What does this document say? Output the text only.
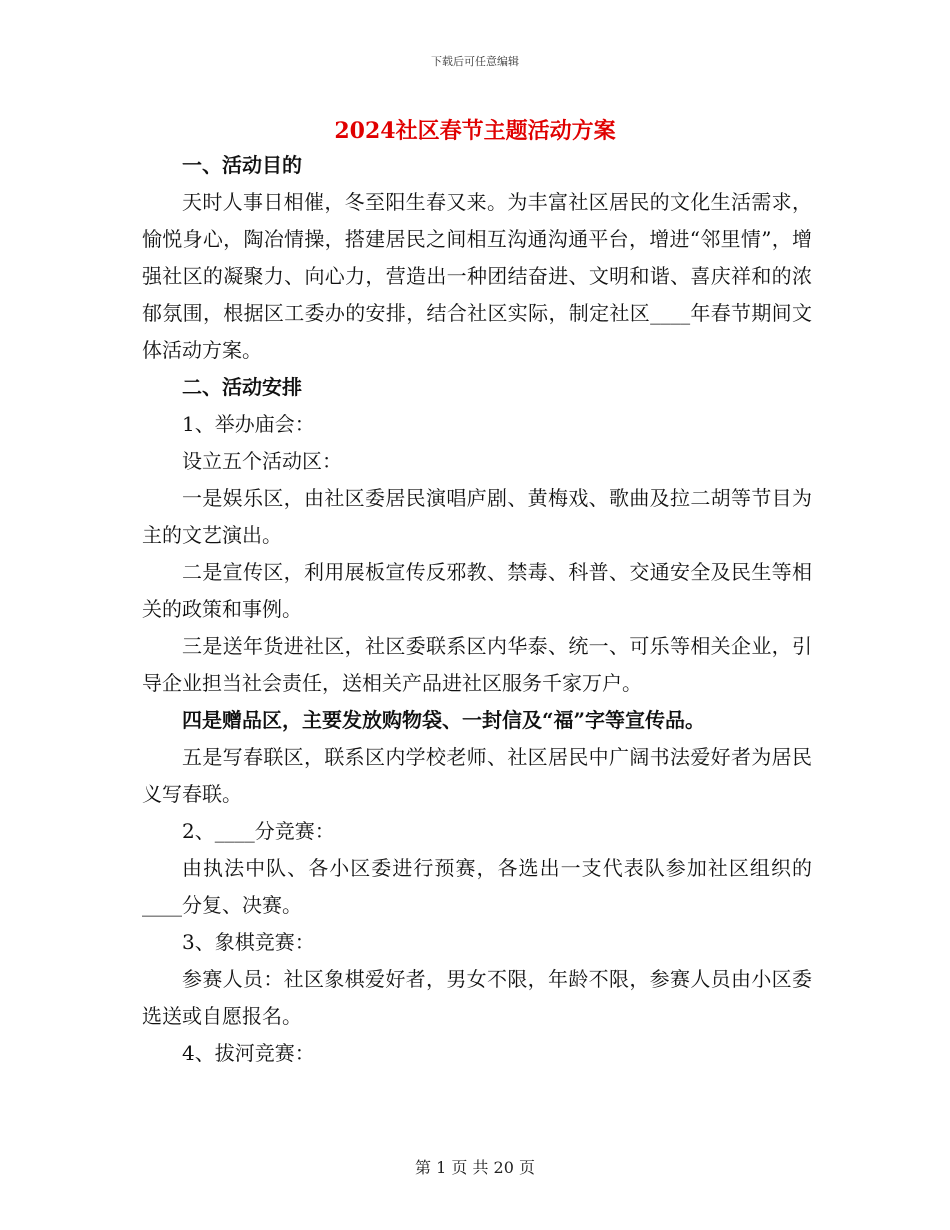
下载后可任意编辑
2024社区春节主题活动方案

一、活动目的

天时人事日相催，冬至阳生春又来。为丰富社区居民的文化生活需求，愉悦身心，陶冶情操，搭建居民之间相互沟通沟通平台，增进“邻里情”，增强社区的凝聚力、向心力，营造出一种团结奋进、文明和谐、喜庆祥和的浓郁氛围，根据区工委办的安排，结合社区实际，制定社区____年春节期间文体活动方案。

二、活动安排

1、举办庙会：

设立五个活动区：

一是娱乐区，由社区委居民演唱庐剧、黄梅戏、歌曲及拉二胡等节目为主的文艺演出。

二是宣传区，利用展板宣传反邪教、禁毒、科普、交通安全及民生等相关的政策和事例。

三是送年货进社区，社区委联系区内华泰、统一、可乐等相关企业，引导企业担当社会责任，送相关产品进社区服务千家万户。

四是赠品区，主要发放购物袋、一封信及“福”字等宣传品。

五是写春联区，联系区内学校老师、社区居民中广阔书法爱好者为居民义写春联。

2、____分竞赛：

由执法中队、各小区委进行预赛，各选出一支代表队参加社区组织的____分复、决赛。

3、象棋竞赛：

参赛人员：社区象棋爱好者，男女不限，年龄不限，参赛人员由小区委选送或自愿报名。

4、拔河竞赛：

第 1 页 共 20 页
